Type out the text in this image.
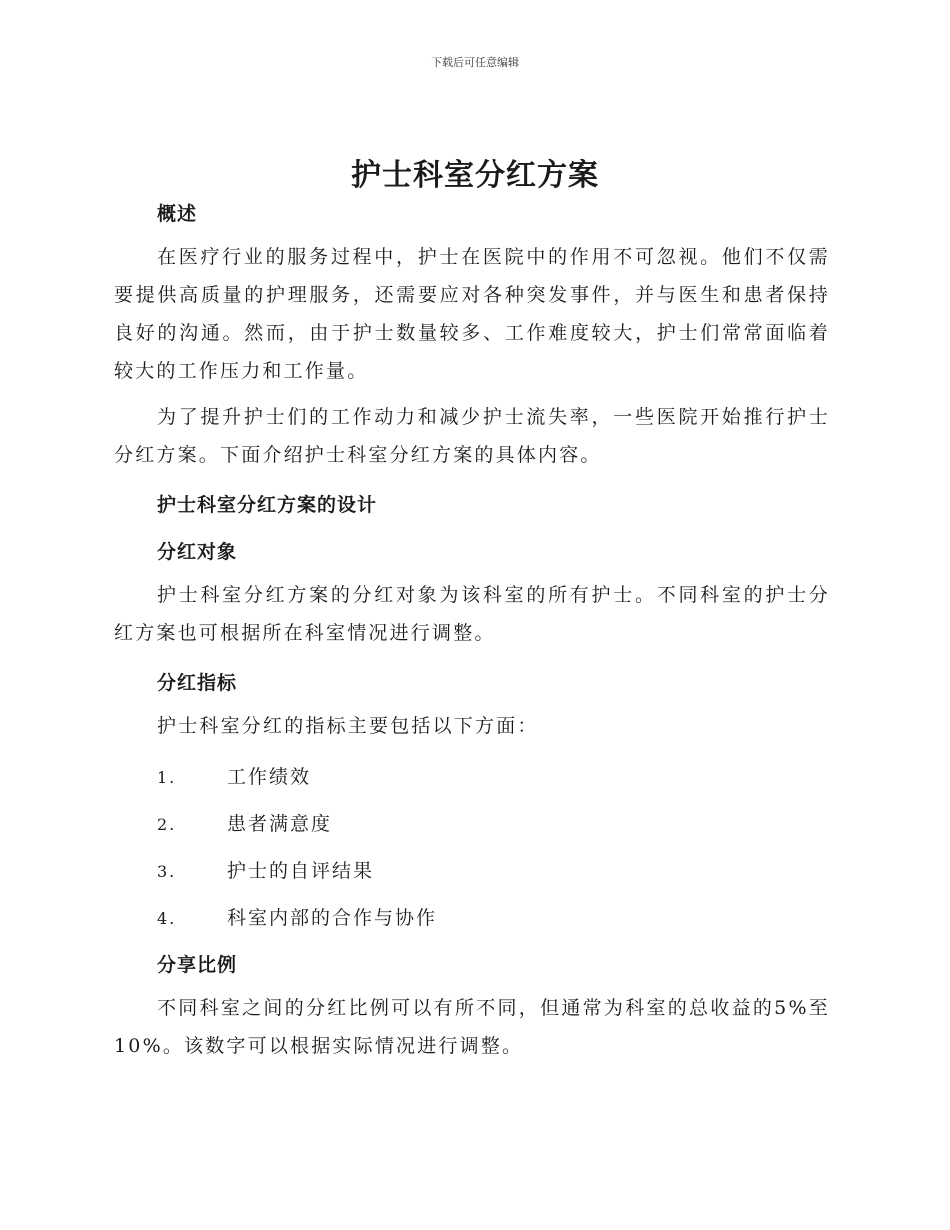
下载后可任意编辑
护士科室分红方案
概述
在医疗行业的服务过程中，护士在医院中的作用不可忽视。他们不仅需要提供高质量的护理服务，还需要应对各种突发事件，并与医生和患者保持良好的沟通。然而，由于护士数量较多、工作难度较大，护士们常常面临着较大的工作压力和工作量。
为了提升护士们的工作动力和减少护士流失率，一些医院开始推行护士分红方案。下面介绍护士科室分红方案的具体内容。
护士科室分红方案的设计
分红对象
护士科室分红方案的分红对象为该科室的所有护士。不同科室的护士分红方案也可根据所在科室情况进行调整。
分红指标
护士科室分红的指标主要包括以下方面：
1.	工作绩效
2.	患者满意度
3.	护士的自评结果
4.	科室内部的合作与协作
分享比例
不同科室之间的分红比例可以有所不同，但通常为科室的总收益的5%至10%。该数字可以根据实际情况进行调整。
